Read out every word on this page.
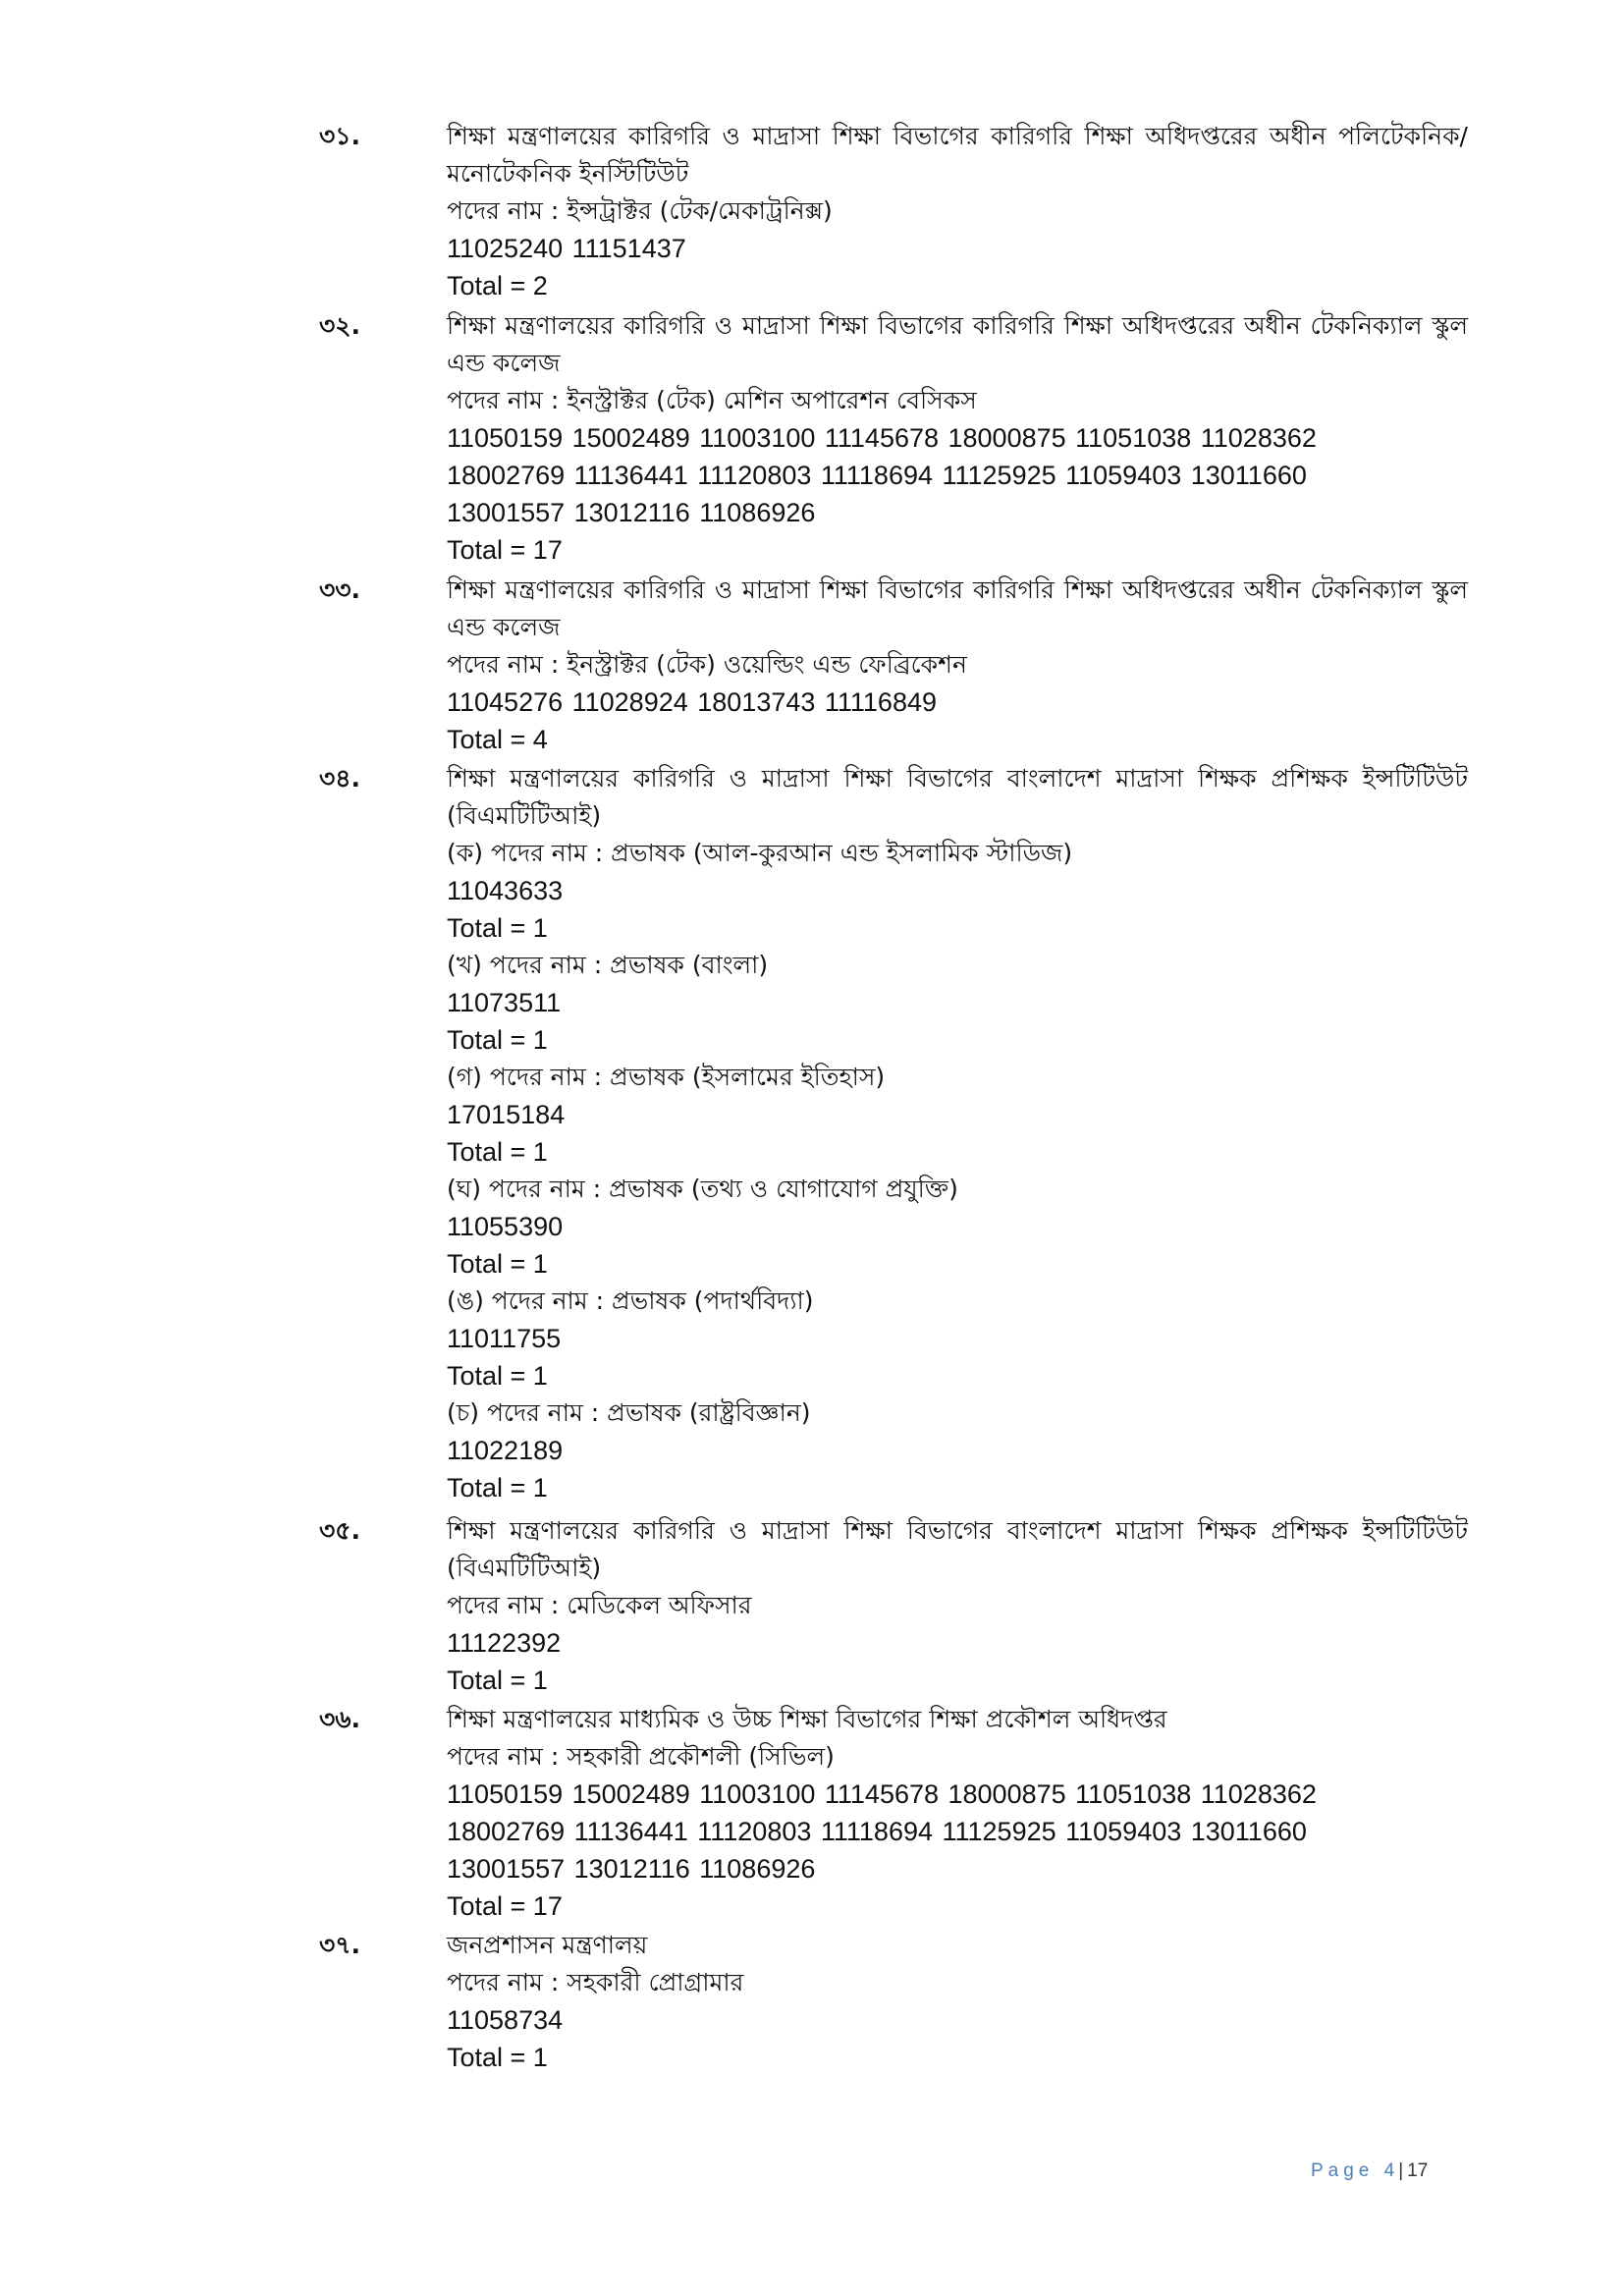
৩১.	শিক্ষা মন্ত্রণালয়ের কারিগরি ও মাদ্রাসা শিক্ষা বিভাগের কারিগরি শিক্ষা অধিদপ্তরের অধীন পলিটেকনিক/ মনোটেকনিক ইনস্টিটিউট

পদের নাম : ইন্সট্রাক্টর (টেক/মেকাট্রনিক্স)

11025240 11151437

Total = 2

৩২.	শিক্ষা মন্ত্রণালয়ের কারিগরি ও মাদ্রাসা শিক্ষা বিভাগের কারিগরি শিক্ষা অধিদপ্তরের অধীন টেকনিক্যাল স্কুল এন্ড কলেজ

পদের নাম : ইনস্ট্রাক্টর (টেক) মেশিন অপারেশন বেসিকস

11050159 15002489 11003100 11145678 18000875 11051038 11028362

18002769 11136441 11120803 11118694 11125925 11059403 13011660

13001557 13012116 11086926

Total = 17

৩৩.	শিক্ষা মন্ত্রণালয়ের কারিগরি ও মাদ্রাসা শিক্ষা বিভাগের কারিগরি শিক্ষা অধিদপ্তরের অধীন টেকনিক্যাল স্কুল এন্ড কলেজ

পদের নাম : ইনস্ট্রাক্টর (টেক) ওয়েল্ডিং এন্ড ফেব্রিকেশন

11045276 11028924 18013743 11116849

Total = 4

৩৪.	শিক্ষা মন্ত্রণালয়ের কারিগরি ও মাদ্রাসা শিক্ষা বিভাগের বাংলাদেশ মাদ্রাসা শিক্ষক প্রশিক্ষক ইন্সটিটিউট (বিএমটিটিআই)

(ক) পদের নাম : প্রভাষক (আল-কুরআন এন্ড ইসলামিক স্টাডিজ)

11043633

Total = 1

(খ) পদের নাম : প্রভাষক (বাংলা)

11073511

Total = 1

(গ) পদের নাম : প্রভাষক (ইসলামের ইতিহাস)

17015184

Total = 1

(ঘ) পদের নাম : প্রভাষক (তথ্য ও যোগাযোগ প্রযুক্তি)

11055390

Total = 1

(ঙ) পদের নাম : প্রভাষক (পদার্থবিদ্যা)

11011755

Total = 1

(চ) পদের নাম : প্রভাষক (রাষ্ট্রবিজ্ঞান)

11022189

Total = 1

৩৫.	শিক্ষা মন্ত্রণালয়ের কারিগরি ও মাদ্রাসা শিক্ষা বিভাগের বাংলাদেশ মাদ্রাসা শিক্ষক প্রশিক্ষক ইন্সটিটিউট (বিএমটিটিআই)

পদের নাম : মেডিকেল অফিসার

11122392

Total = 1

৩৬.	শিক্ষা মন্ত্রণালয়ের মাধ্যমিক ও উচ্চ শিক্ষা বিভাগের শিক্ষা প্রকৌশল অধিদপ্তর

পদের নাম : সহকারী প্রকৌশলী (সিভিল)

11050159 15002489 11003100 11145678 18000875 11051038 11028362

18002769 11136441 11120803 11118694 11125925 11059403 13011660

13001557 13012116 11086926

Total = 17

৩৭.	জনপ্রশাসন মন্ত্রণালয়

পদের নাম : সহকারী প্রোগ্রামার

11058734

Total = 1

Page 4 | 17
